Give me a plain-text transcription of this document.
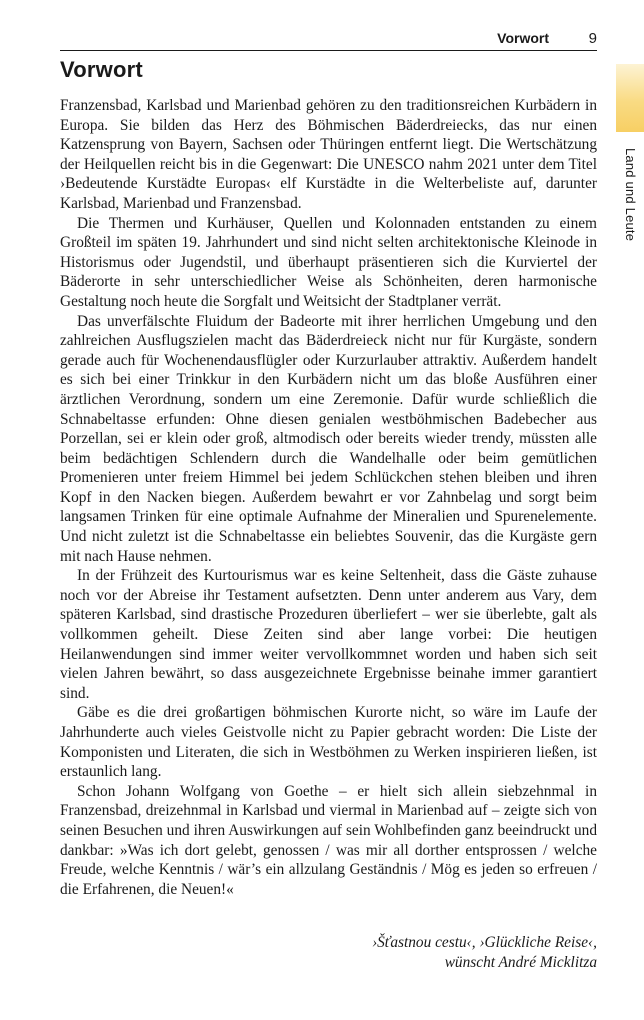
Vorwort	9
Vorwort

Franzensbad, Karlsbad und Marienbad gehören zu den traditionsreichen Kurbädern in Europa. Sie bilden das Herz des Böhmischen Bäderdreiecks, das nur einen Katzensprung von Bayern, Sachsen oder Thüringen entfernt liegt. Die Wertschätzung der Heilquellen reicht bis in die Gegenwart: Die UNESCO nahm 2021 unter dem Titel ›Bedeutende Kurstädte Europas‹ elf Kurstädte in die Welterbeliste auf, darunter Karlsbad, Marienbad und Franzensbad.

Die Thermen und Kurhäuser, Quellen und Kolonnaden entstanden zu einem Großteil im späten 19. Jahrhundert und sind nicht selten architektonische Kleinode in Historismus oder Jugendstil, und überhaupt präsentieren sich die Kurviertel der Bäderorte in sehr unterschiedlicher Weise als Schönheiten, deren harmonische Gestaltung noch heute die Sorgfalt und Weitsicht der Stadtplaner verrät.

Das unverfälschte Fluidum der Badeorte mit ihrer herrlichen Umgebung und den zahlreichen Ausflugszielen macht das Bäderdreieck nicht nur für Kurgäste, sondern gerade auch für Wochenendausflügler oder Kurzurlauber attraktiv. Außerdem handelt es sich bei einer Trinkkur in den Kurbädern nicht um das bloße Ausführen einer ärztlichen Verordnung, sondern um eine Zeremonie. Dafür wurde schließlich die Schnabeltasse erfunden: Ohne diesen genialen westböhmischen Badebecher aus Porzellan, sei er klein oder groß, altmodisch oder bereits wieder trendy, müssten alle beim bedächtigen Schlendern durch die Wandelhalle oder beim gemütlichen Promenieren unter freiem Himmel bei jedem Schlückchen stehen bleiben und ihren Kopf in den Nacken biegen. Außerdem bewahrt er vor Zahnbelag und sorgt beim langsamen Trinken für eine optimale Aufnahme der Mineralien und Spurenelemente. Und nicht zuletzt ist die Schnabeltasse ein beliebtes Souvenir, das die Kurgäste gern mit nach Hause nehmen.

In der Frühzeit des Kurtourismus war es keine Seltenheit, dass die Gäste zuhause noch vor der Abreise ihr Testament aufsetzten. Denn unter anderem aus Vary, dem späteren Karlsbad, sind drastische Prozeduren überliefert – wer sie überlebte, galt als vollkommen geheilt. Diese Zeiten sind aber lange vorbei: Die heutigen Heilanwendungen sind immer weiter vervollkommnet worden und haben sich seit vielen Jahren bewährt, so dass ausgezeichnete Ergebnisse beinahe immer garantiert sind.

Gäbe es die drei großartigen böhmischen Kurorte nicht, so wäre im Laufe der Jahrhunderte auch vieles Geistvolle nicht zu Papier gebracht worden: Die Liste der Komponisten und Literaten, die sich in Westböhmen zu Werken inspirieren ließen, ist erstaunlich lang.

Schon Johann Wolfgang von Goethe – er hielt sich allein siebzehnmal in Franzensbad, dreizehnmal in Karlsbad und viermal in Marienbad auf – zeigte sich von seinen Besuchen und ihren Auswirkungen auf sein Wohlbefinden ganz beeindruckt und dankbar: »Was ich dort gelebt, genossen / was mir all dorther entsprossen / welche Freude, welche Kenntnis / wär’s ein allzulang Geständnis / Mög es jeden so erfreuen / die Erfahrenen, die Neuen!«

›Šťastnou cestu‹, ›Glückliche Reise‹,
wünscht André Micklitza
Land und Leute
